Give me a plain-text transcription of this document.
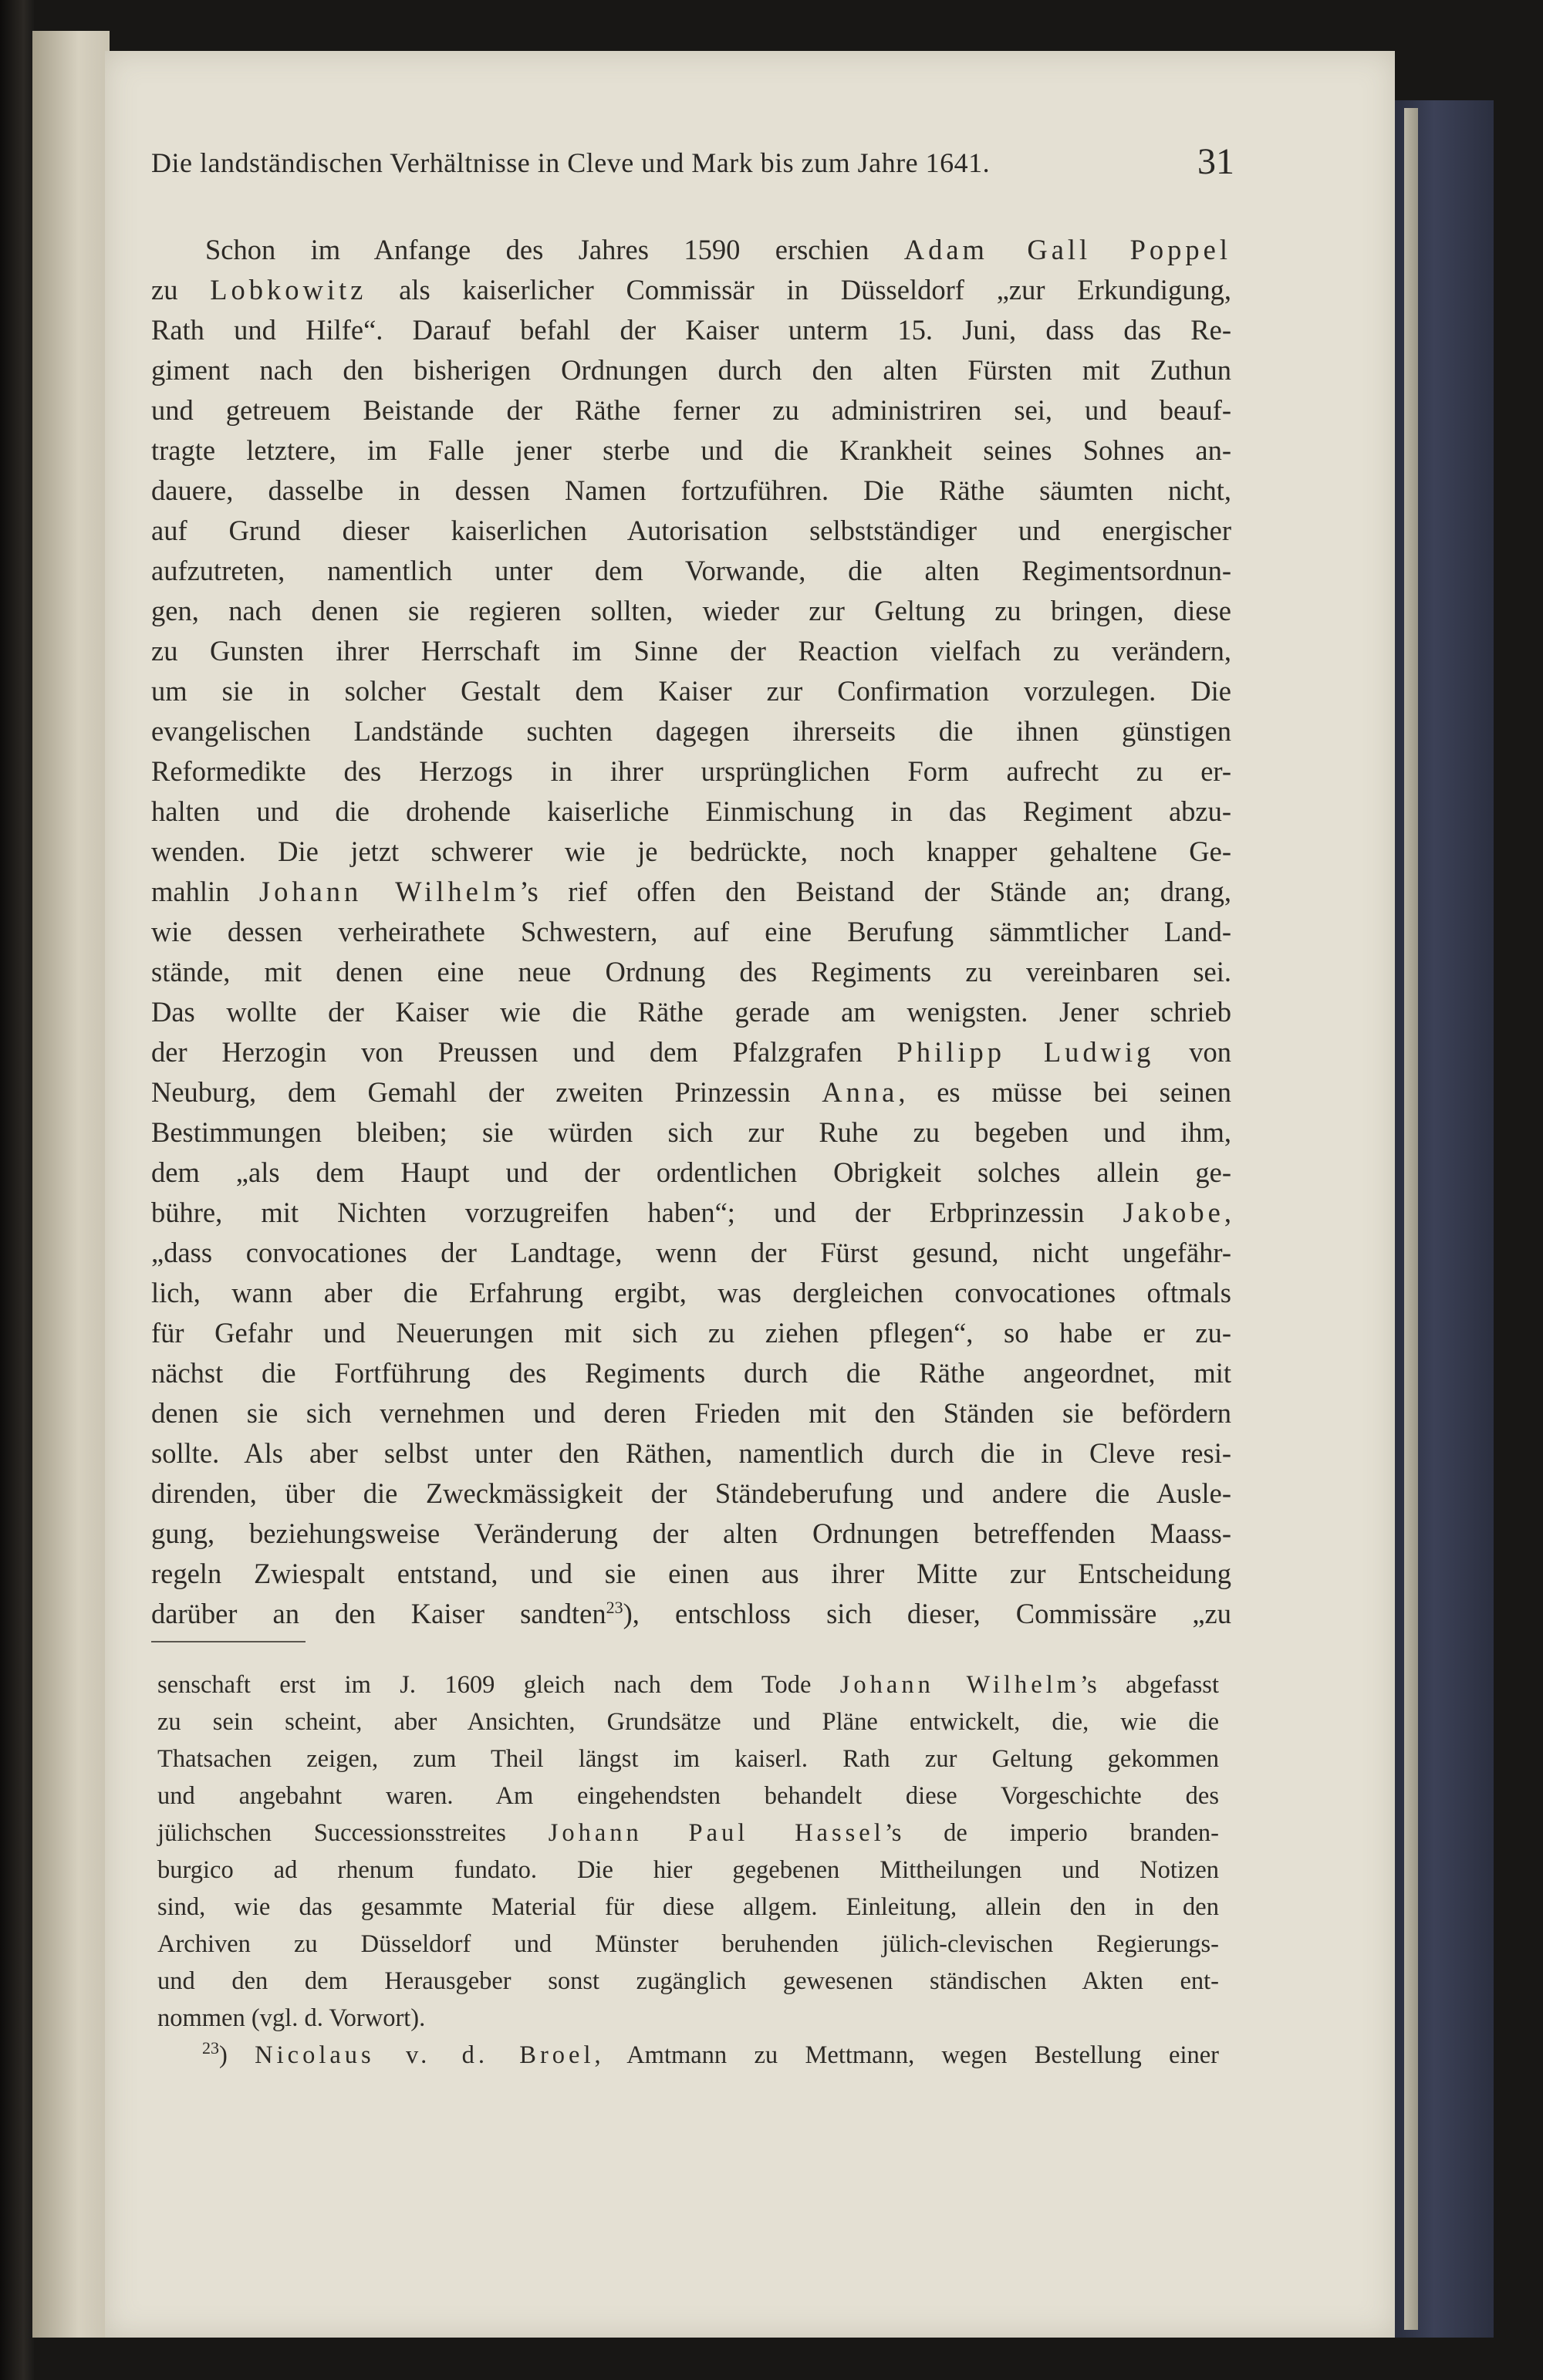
Die landständischen Verhältnisse in Cleve und Mark bis zum Jahre 1641.	31
Schon im Anfange des Jahres 1590 erschien Adam Gall Poppel
zu Lobkowitz als kaiserlicher Commissär in Düsseldorf „zur Erkundigung,
Rath und Hilfe“. Darauf befahl der Kaiser unterm 15. Juni, dass das Re-
giment nach den bisherigen Ordnungen durch den alten Fürsten mit Zuthun
und getreuem Beistande der Räthe ferner zu administriren sei, und beauf-
tragte letztere, im Falle jener sterbe und die Krankheit seines Sohnes an-
dauere, dasselbe in dessen Namen fortzuführen. Die Räthe säumten nicht,
auf Grund dieser kaiserlichen Autorisation selbstständiger und energischer
aufzutreten, namentlich unter dem Vorwande, die alten Regimentsordnun-
gen, nach denen sie regieren sollten, wieder zur Geltung zu bringen, diese
zu Gunsten ihrer Herrschaft im Sinne der Reaction vielfach zu verändern,
um sie in solcher Gestalt dem Kaiser zur Confirmation vorzulegen. Die
evangelischen Landstände suchten dagegen ihrerseits die ihnen günstigen
Reformedikte des Herzogs in ihrer ursprünglichen Form aufrecht zu er-
halten und die drohende kaiserliche Einmischung in das Regiment abzu-
wenden. Die jetzt schwerer wie je bedrückte, noch knapper gehaltene Ge-
mahlin Johann Wilhelm’s rief offen den Beistand der Stände an; drang,
wie dessen verheirathete Schwestern, auf eine Berufung sämmtlicher Land-
stände, mit denen eine neue Ordnung des Regiments zu vereinbaren sei.
Das wollte der Kaiser wie die Räthe gerade am wenigsten. Jener schrieb
der Herzogin von Preussen und dem Pfalzgrafen Philipp Ludwig von
Neuburg, dem Gemahl der zweiten Prinzessin Anna, es müsse bei seinen
Bestimmungen bleiben; sie würden sich zur Ruhe zu begeben und ihm,
dem „als dem Haupt und der ordentlichen Obrigkeit solches allein ge-
bühre, mit Nichten vorzugreifen haben“; und der Erbprinzessin Jakobe,
„dass convocationes der Landtage, wenn der Fürst gesund, nicht ungefähr-
lich, wann aber die Erfahrung ergibt, was dergleichen convocationes oftmals
für Gefahr und Neuerungen mit sich zu ziehen pflegen“, so habe er zu-
nächst die Fortführung des Regiments durch die Räthe angeordnet, mit
denen sie sich vernehmen und deren Frieden mit den Ständen sie befördern
sollte. Als aber selbst unter den Räthen, namentlich durch die in Cleve resi-
direnden, über die Zweckmässigkeit der Ständeberufung und andere die Ausle-
gung, beziehungsweise Veränderung der alten Ordnungen betreffenden Maass-
regeln Zwiespalt entstand, und sie einen aus ihrer Mitte zur Entscheidung
darüber an den Kaiser sandten$^{23}$), entschloss sich dieser, Commissäre „zu
senschaft erst im J. 1609 gleich nach dem Tode Johann Wilhelm’s abgefasst
zu sein scheint, aber Ansichten, Grundsätze und Pläne entwickelt, die, wie die
Thatsachen zeigen, zum Theil längst im kaiserl. Rath zur Geltung gekommen
und angebahnt waren. Am eingehendsten behandelt diese Vorgeschichte des
jülichschen Successionsstreites Johann Paul Hassel’s de imperio branden-
burgico ad rhenum fundato. Die hier gegebenen Mittheilungen und Notizen
sind, wie das gesammte Material für diese allgem. Einleitung, allein den in den
Archiven zu Düsseldorf und Münster beruhenden jülich-clevischen Regierungs-
und den dem Herausgeber sonst zugänglich gewesenen ständischen Akten ent-
nommen (vgl. d. Vorwort).
$^{23}$) Nicolaus v. d. Broel, Amtmann zu Mettmann, wegen Bestellung einer
